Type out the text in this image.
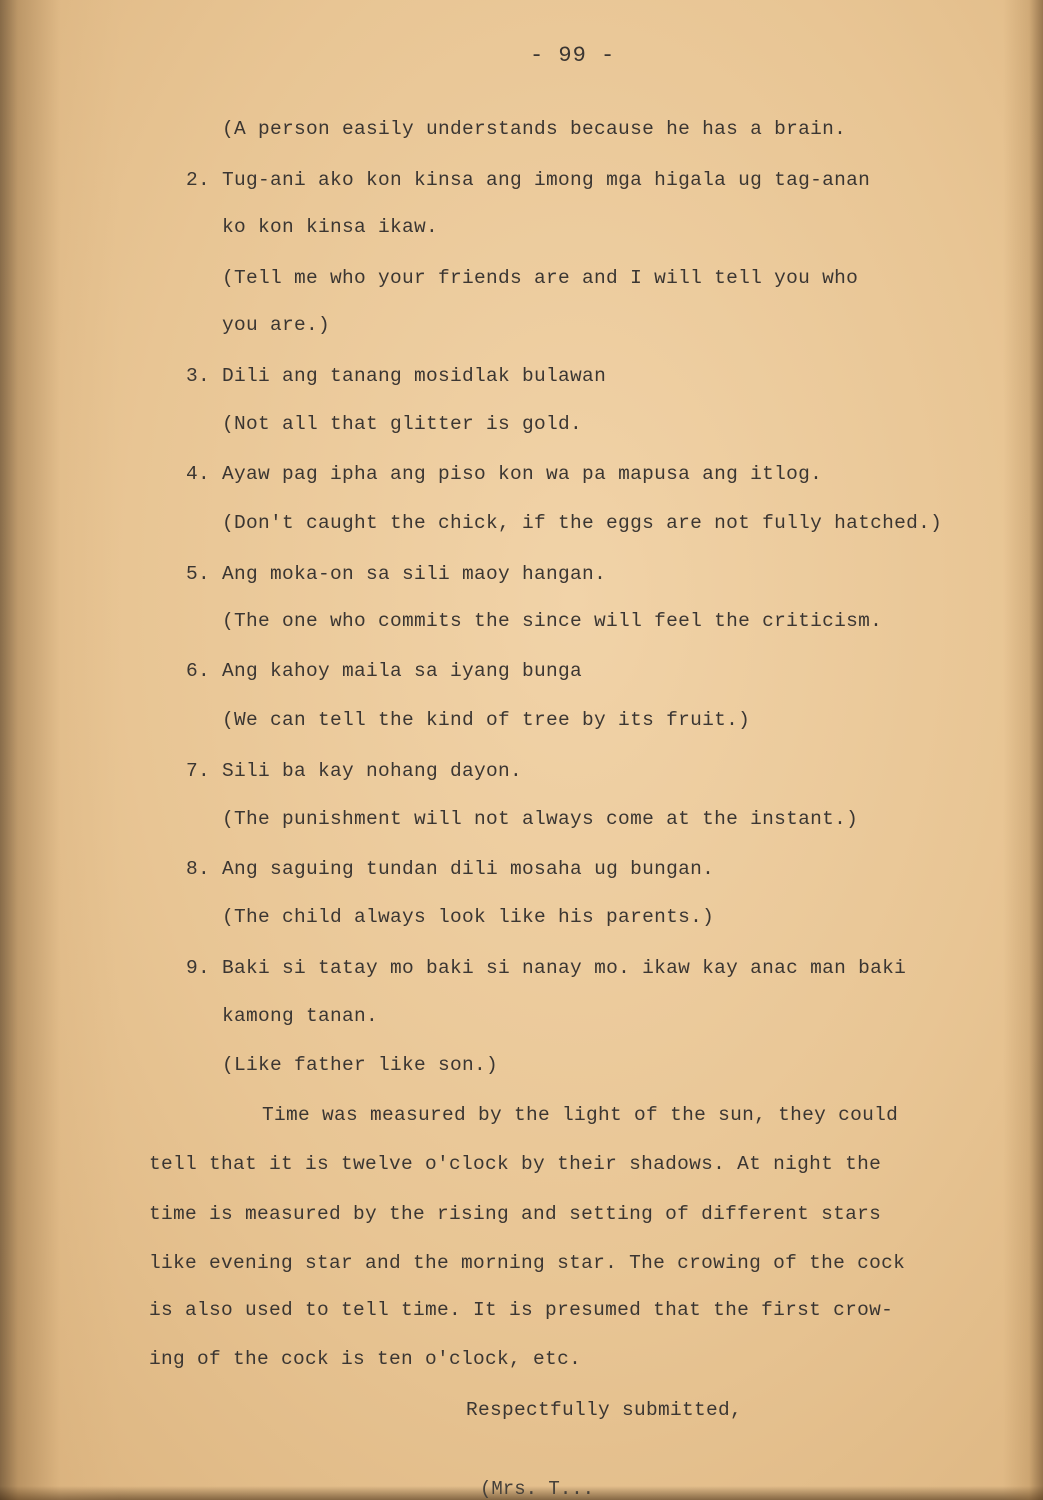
- 99 -

(A person easily understands because he has a brain.

2. Tug-ani ako kon kinsa ang imong mga higala ug tag-anan

ko kon kinsa ikaw.

(Tell me who your friends are and I will tell you who

you are.)

3. Dili ang tanang mosidlak bulawan

(Not all that glitter is gold.

4. Ayaw pag ipha ang piso kon wa pa mapusa ang itlog.

(Don't caught the chick, if the eggs are not fully hatched.)

5. Ang moka-on sa sili maoy hangan.

(The one who commits the since will feel the criticism.

6. Ang kahoy maila sa iyang bunga

(We can tell the kind of tree by its fruit.)

7. Sili ba kay nohang dayon.

(The punishment will not always come at the instant.)

8. Ang saguing tundan dili mosaha ug bungan.

(The child always look like his parents.)

9. Baki si tatay mo baki si nanay mo. ikaw kay anac man baki

kamong tanan.

(Like father like son.)

Time was measured by the light of the sun, they could

tell that it is twelve o'clock by their shadows. At night the

time is measured by the rising and setting of different stars

like evening star and the morning star. The crowing of the cock

is also used to tell time. It is presumed that the first crow-

ing of the cock is ten o'clock, etc.

Respectfully submitted,

(Mrs. T...
